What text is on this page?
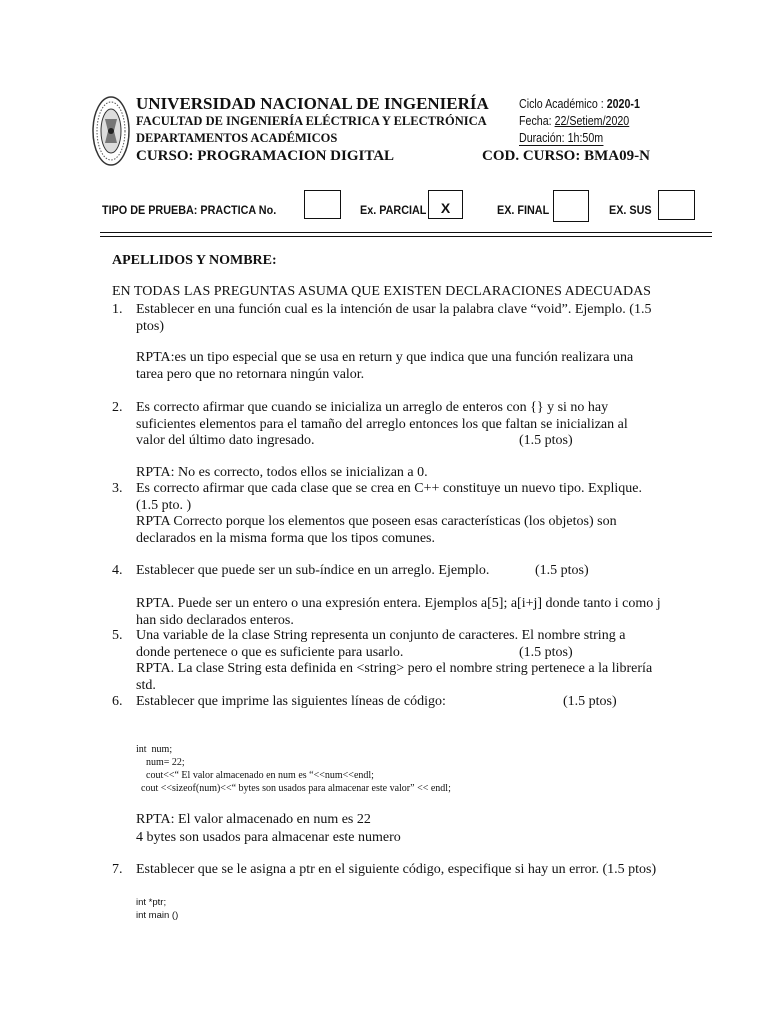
UNIVERSIDAD NACIONAL DE INGENIERÍA
FACULTAD DE INGENIERÍA ELÉCTRICA Y ELECTRÓNICA
DEPARTAMENTOS ACADÉMICOS
CURSO: PROGRAMACION DIGITAL
Ciclo Académico : 2020-1
Fecha: 22/Setiem/2020
Duración: 1h:50m
COD. CURSO: BMA09-N
TIPO DE PRUEBA: PRACTICA No.	Ex. PARCIAL	X	EX. FINAL	EX. SUS
APELLIDOS Y NOMBRE:
EN TODAS LAS PREGUNTAS ASUMA QUE EXISTEN DECLARACIONES ADECUADAS
1. Establecer en una función cual es la intención de usar la palabra clave “void”. Ejemplo. (1.5 ptos)
RPTA:es un tipo especial que se usa en return y que indica que una función realizara una tarea pero que no retornara ningún valor.
2. Es correcto afirmar que cuando se inicializa un arreglo de enteros con {} y si no hay suficientes elementos para el tamaño del arreglo entonces los que faltan se inicializan al valor del último dato ingresado.	(1.5 ptos)
RPTA: No es correcto, todos ellos se inicializan a 0.
3. Es correcto afirmar que cada clase que se crea en C++ constituye un nuevo tipo. Explique. (1.5 pto. )
RPTA Correcto porque los elementos que poseen esas características (los objetos) son declarados en la misma forma que los tipos comunes.
4. Establecer que puede ser un sub-índice en un arreglo. Ejemplo.	(1.5 ptos)
RPTA. Puede ser un entero o una expresión entera. Ejemplos a[5]; a[i+j] donde tanto i como j han sido declarados enteros.
5. Una variable de la clase String representa un conjunto de caracteres. El nombre string a donde pertenece o que es suficiente para usarlo.	(1.5 ptos)
RPTA. La clase String esta definida en <string> pero el nombre string pertenece a la librería std.
6. Establecer que imprime las siguientes líneas de código:	(1.5 ptos)
int  num;
num= 22;
cout<<“ El valor almacenado en num es “<<num<<endl;
cout <<sizeof(num)<<“ bytes son usados para almacenar este valor” << endl;
RPTA: El valor almacenado en num es 22
4 bytes son usados para almacenar este numero
7. Establecer que se le asigna a ptr en el siguiente código, especifique si hay un error. (1.5 ptos)
int *ptr;
int main ()
